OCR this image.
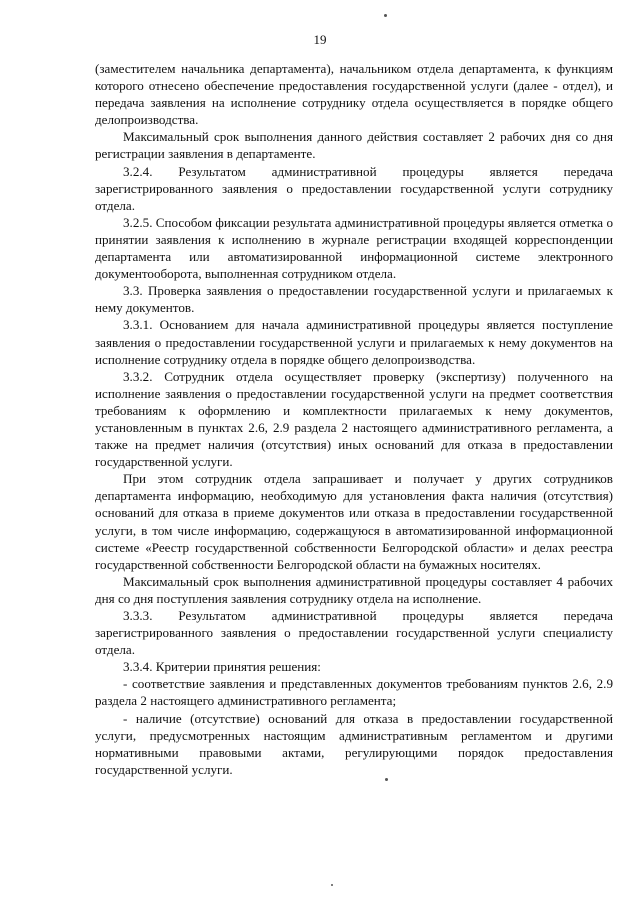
19

(заместителем начальника департамента), начальником отдела департамента, к функциям которого отнесено обеспечение предоставления государственной услуги (далее - отдел), и передача заявления на исполнение сотруднику отдела осуществляется в порядке общего делопроизводства.

Максимальный срок выполнения данного действия составляет 2 рабочих дня со дня регистрации заявления в департаменте.

3.2.4. Результатом административной процедуры является передача зарегистрированного заявления о предоставлении государственной услуги сотруднику отдела.

3.2.5. Способом фиксации результата административной процедуры является отметка о принятии заявления к исполнению в журнале регистрации входящей корреспонденции департамента или автоматизированной информационной системе электронного документооборота, выполненная сотрудником отдела.

3.3. Проверка заявления о предоставлении государственной услуги и прилагаемых к нему документов.

3.3.1. Основанием для начала административной процедуры является поступление заявления о предоставлении государственной услуги и прилагаемых к нему документов на исполнение сотруднику отдела в порядке общего делопроизводства.

3.3.2. Сотрудник отдела осуществляет проверку (экспертизу) полученного на исполнение заявления о предоставлении государственной услуги на предмет соответствия требованиям к оформлению и комплектности прилагаемых к нему документов, установленным в пунктах 2.6, 2.9 раздела 2 настоящего административного регламента, а также на предмет наличия (отсутствия) иных оснований для отказа в предоставлении государственной услуги.

При этом сотрудник отдела запрашивает и получает у других сотрудников департамента информацию, необходимую для установления факта наличия (отсутствия) оснований для отказа в приеме документов или отказа в предоставлении государственной услуги, в том числе информацию, содержащуюся в автоматизированной информационной системе «Реестр государственной собственности Белгородской области» и делах реестра государственной собственности Белгородской области на бумажных носителях.

Максимальный срок выполнения административной процедуры составляет 4 рабочих дня со дня поступления заявления сотруднику отдела на исполнение.

3.3.3. Результатом административной процедуры является передача зарегистрированного заявления о предоставлении государственной услуги специалисту отдела.

3.3.4. Критерии принятия решения:

- соответствие заявления и представленных документов требованиям пунктов 2.6, 2.9 раздела 2 настоящего административного регламента;

- наличие (отсутствие) оснований для отказа в предоставлении государственной услуги, предусмотренных настоящим административным регламентом и другими нормативными правовыми актами, регулирующими порядок предоставления государственной услуги.
